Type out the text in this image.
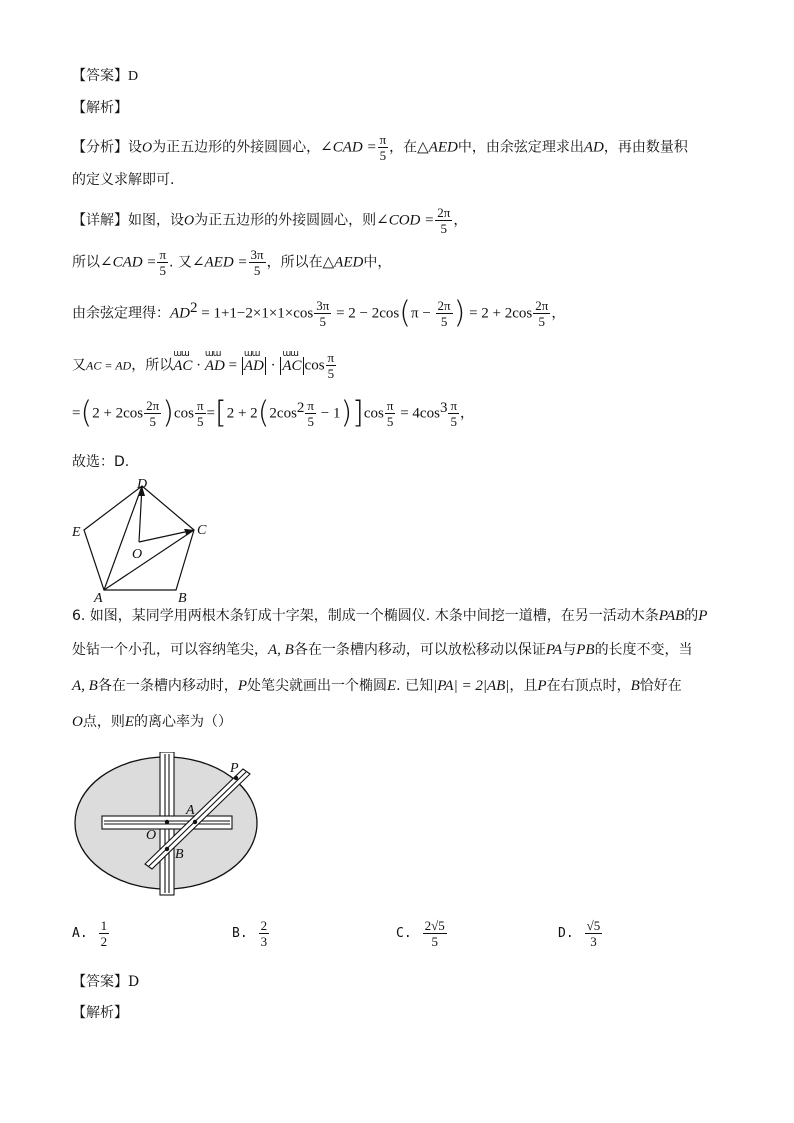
【答案】D
【解析】
【分析】设O为正五边形的外接圆圆心，∠CAD = $\frac{\pi}{5}$ ，在△AED中，由余弦定理求出AD，再由数量积
的定义求解即可.
【详解】如图，设O为正五边形的外接圆圆心，则∠COD = $\frac{2\pi}{5}$ ，
所以∠CAD = $\frac{\pi}{5}$ . 又∠AED = $\frac{3\pi}{5}$ ，所以在△AED中，
由余弦定理得：$AD^2 = 1+1-2\times 1\times 1\times\cos \frac{3\pi}{5} = 2 - 2\cos(\pi - \frac{2\pi}{5}$ ) = $2 + 2\cos \frac{2\pi}{5}$ ，
又AC = AD，所以
ɯɯ
AC ·
ɯɯ
AD =
ɯɯ
AD ·
ɯɯ
AC $\cos \frac{\pi}{5}$
$=(2 + 2\cos \frac{2\pi}{5} )\cos \frac{\pi}{5} =[2 + 2(2\cos^2 \frac{\pi}{5} - 1)]\cos \frac{\pi}{5} = 4\cos^3 \frac{\pi}{5}$ ，
故选：D.
D
E	C
O
A	B
6. 如图，某同学用两根木条钉成十字架，制成一个椭圆仪. 木条中间挖一道槽，在另一活动木条PAB的P
处钻一个小孔，可以容纳笔尖，A, B各在一条槽内移动，可以放松移动以保证PA与PB的长度不变，当
A, B各在一条槽内移动时，P处笔尖就画出一个椭圆E. 已知|PA| = 2|AB|，且P在右顶点时，B恰好在
O点，则E的离心率为（）
P
A
O
B
A. $\frac{1}{2}$	B. $\frac{2}{3}$	C. $\frac{2√5}{5}$	D. $\frac{√5}{3}$
【答案】D
【解析】
